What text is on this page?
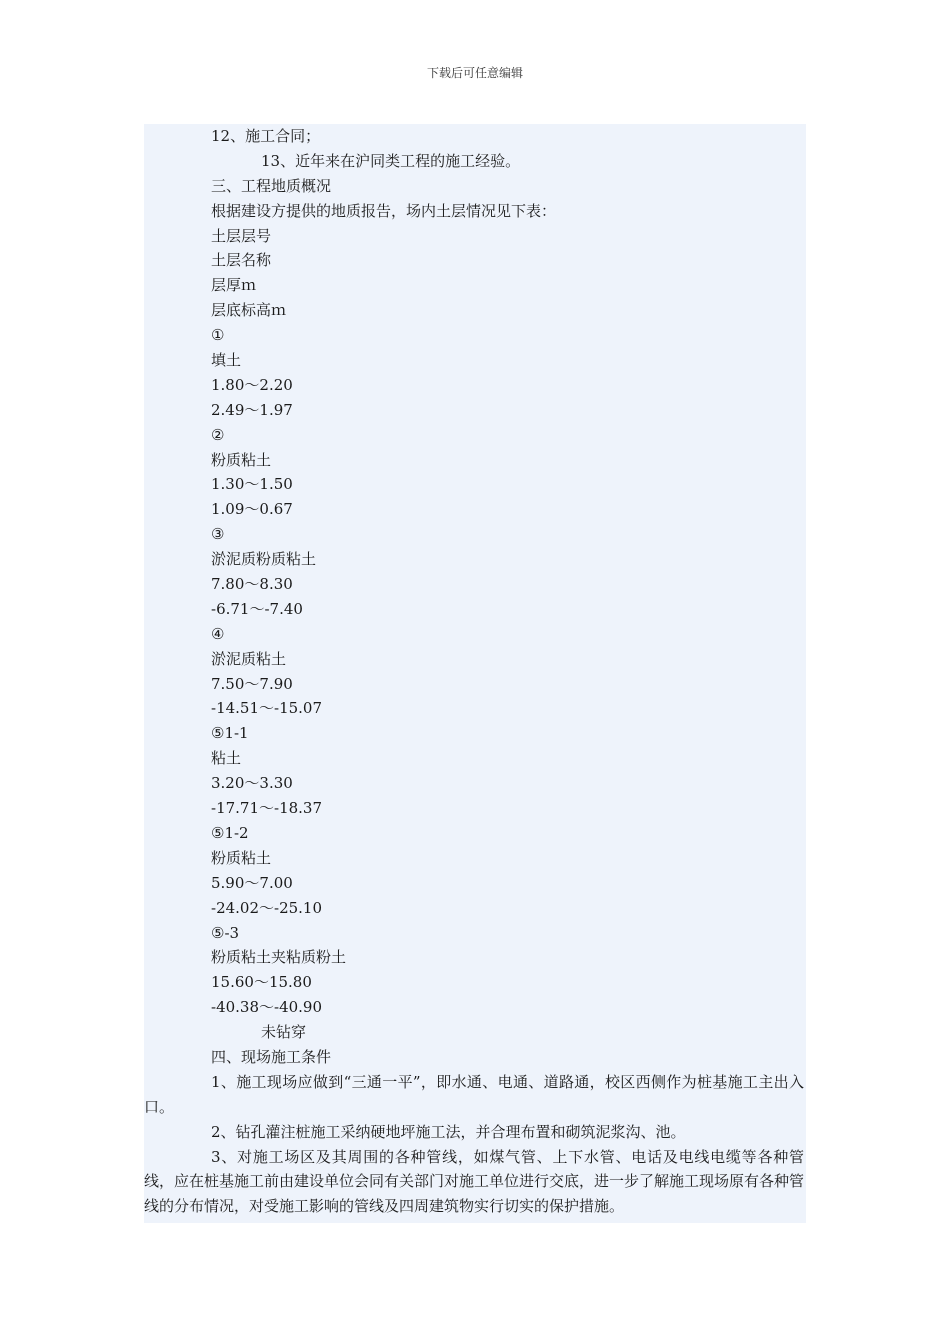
下载后可任意编辑
12、施工合同；
13、近年来在沪同类工程的施工经验。
三、工程地质概况
根据建设方提供的地质报告，场内土层情况见下表：
土层层号
土层名称
层厚ｍ
层底标高ｍ
①
填土
1.80～2.20
2.49～1.97
②
粉质粘土
1.30～1.50
1.09～0.67
③
淤泥质粉质粘土
7.80～8.30
-6.71～-7.40
④
淤泥质粘土
7.50～7.90
-14.51～-15.07
⑤1-1
粘土
3.20～3.30
-17.71～-18.37
⑤1-2
粉质粘土
5.90～7.00
-24.02～-25.10
⑤-3
粉质粘土夹粘质粉土
15.60～15.80
-40.38～-40.90
未钻穿
四、现场施工条件
1、施工现场应做到“三通一平”，即水通、电通、道路通，校区西侧作为桩基施工主出入口。
2、钻孔灌注桩施工采纳硬地坪施工法，并合理布置和砌筑泥浆沟、池。
3、对施工场区及其周围的各种管线，如煤气管、上下水管、电话及电线电缆等各种管线，应在桩基施工前由建设单位会同有关部门对施工单位进行交底，进一步了解施工现场原有各种管线的分布情况，对受施工影响的管线及四周建筑物实行切实的保护措施。
